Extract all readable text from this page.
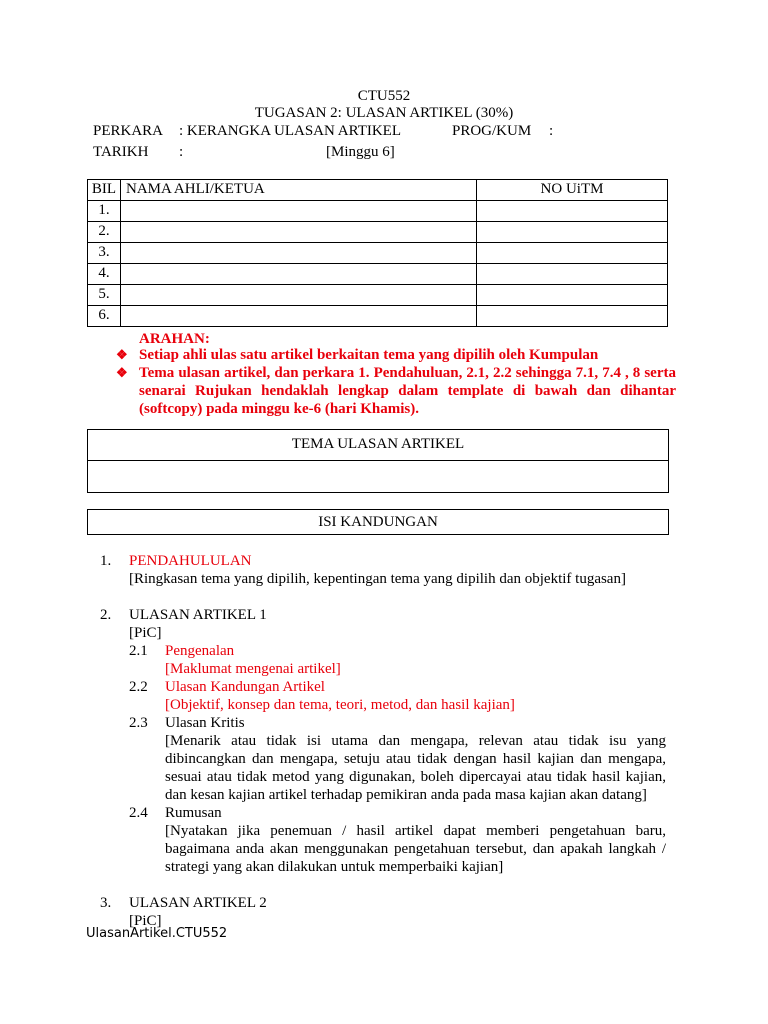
CTU552
TUGASAN 2: ULASAN ARTIKEL (30%)
PERKARA : KERANGKA ULASAN ARTIKEL	PROG/KUM :
TARIKH :	[Minggu 6]
BIL	NAMA AHLI/KETUA	NO UiTM
1.		
2.		
3.		
4.		
5.		
6.		
ARAHAN:
❖ Setiap ahli ulas satu artikel berkaitan tema yang dipilih oleh Kumpulan
❖ Tema ulasan artikel, dan perkara 1. Pendahuluan, 2.1, 2.2 sehingga 7.1, 7.4 , 8 serta senarai Rujukan hendaklah lengkap dalam template di bawah dan dihantar (softcopy) pada minggu ke-6 (hari Khamis).
TEMA ULASAN ARTIKEL
ISI KANDUNGAN
1.	PENDAHULULAN
[Ringkasan tema yang dipilih, kepentingan tema yang dipilih dan objektif tugasan]
2.	ULASAN ARTIKEL 1
[PiC]
2.1	Pengenalan
[Maklumat mengenai artikel]
2.2	Ulasan Kandungan Artikel
[Objektif, konsep dan tema, teori, metod, dan hasil kajian]
2.3	Ulasan Kritis
[Menarik atau tidak isi utama dan mengapa, relevan atau tidak isu yang dibincangkan dan mengapa, setuju atau tidak dengan hasil kajian dan mengapa, sesuai atau tidak metod yang digunakan, boleh dipercayai atau tidak hasil kajian, dan kesan kajian artikel terhadap pemikiran anda pada masa kajian akan datang]
2.4	Rumusan
[Nyatakan jika penemuan / hasil artikel dapat memberi pengetahuan baru, bagaimana anda akan menggunakan pengetahuan tersebut, dan apakah langkah / strategi yang akan dilakukan untuk memperbaiki kajian]
3.	ULASAN ARTIKEL 2
[PiC]
UlasanArtikel.CTU552
